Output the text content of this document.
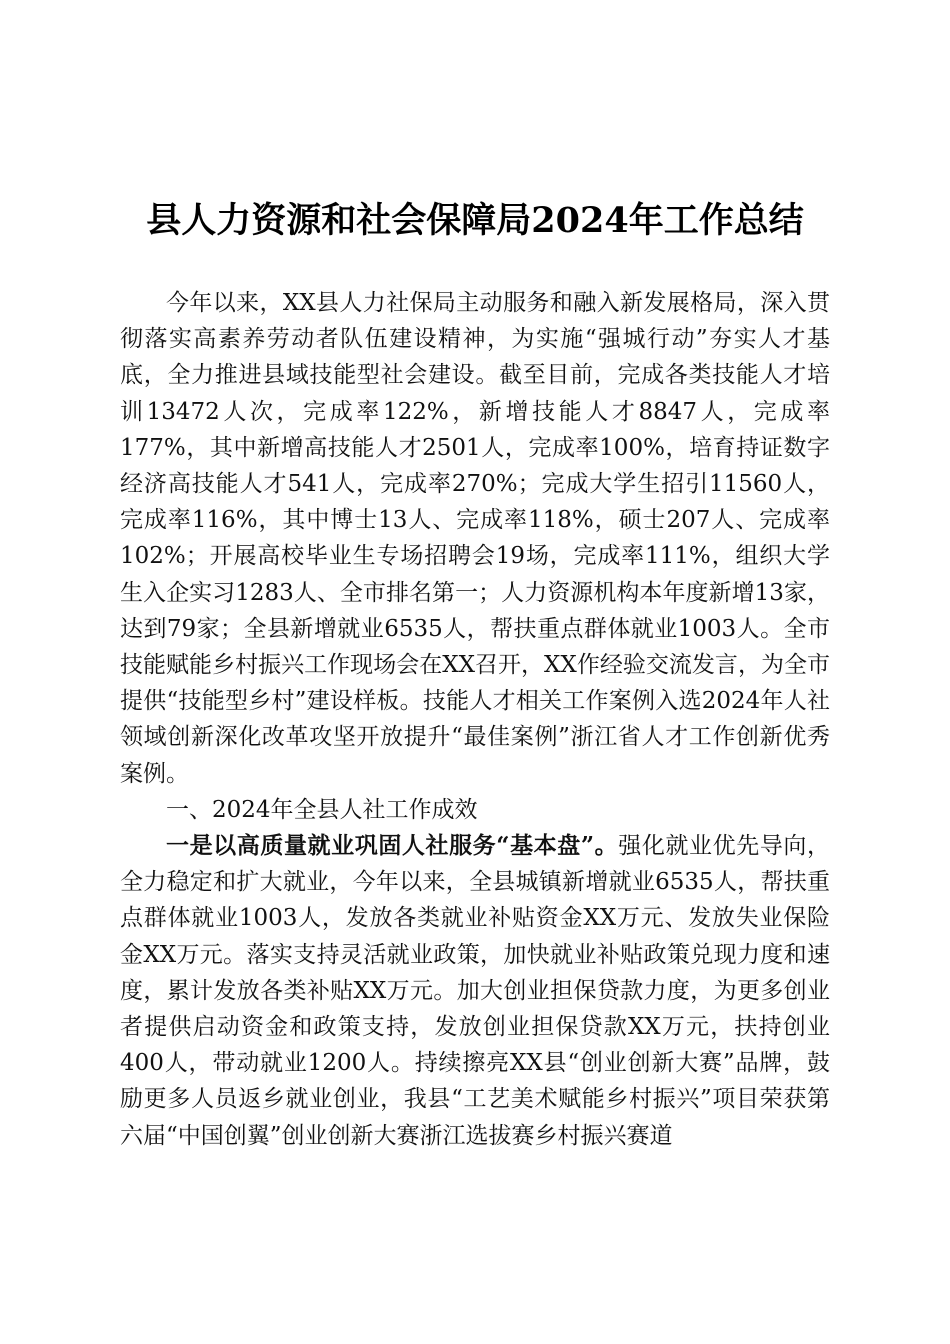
县人力资源和社会保障局2024年工作总结

今年以来，XX县人力社保局主动服务和融入新发展格局，深入贯彻落实高素养劳动者队伍建设精神，为实施“强城行动”夯实人才基底，全力推进县域技能型社会建设。截至目前，完成各类技能人才培训13472人次，完成率122%，新增技能人才8847人，完成率177%，其中新增高技能人才2501人，完成率100%，培育持证数字经济高技能人才541人，完成率270%；完成大学生招引11560人，完成率116%，其中博士13人、完成率118%，硕士207人、完成率102%；开展高校毕业生专场招聘会19场，完成率111%，组织大学生入企实习1283人、全市排名第一；人力资源机构本年度新增13家，达到79家；全县新增就业6535人，帮扶重点群体就业1003人。全市技能赋能乡村振兴工作现场会在XX召开，XX作经验交流发言，为全市提供“技能型乡村”建设样板。技能人才相关工作案例入选2024年人社领域创新深化改革攻坚开放提升“最佳案例”浙江省人才工作创新优秀案例。

一、2024年全县人社工作成效

一是以高质量就业巩固人社服务“基本盘”。强化就业优先导向，全力稳定和扩大就业，今年以来，全县城镇新增就业6535人，帮扶重点群体就业1003人，发放各类就业补贴资金XX万元、发放失业保险金XX万元。落实支持灵活就业政策，加快就业补贴政策兑现力度和速度，累计发放各类补贴XX万元。加大创业担保贷款力度，为更多创业者提供启动资金和政策支持，发放创业担保贷款XX万元，扶持创业400人，带动就业1200人。持续擦亮XX县“创业创新大赛”品牌，鼓励更多人员返乡就业创业，我县“工艺美术赋能乡村振兴”项目荣获第六届“中国创翼”创业创新大赛浙江选拔赛乡村振兴赛道
